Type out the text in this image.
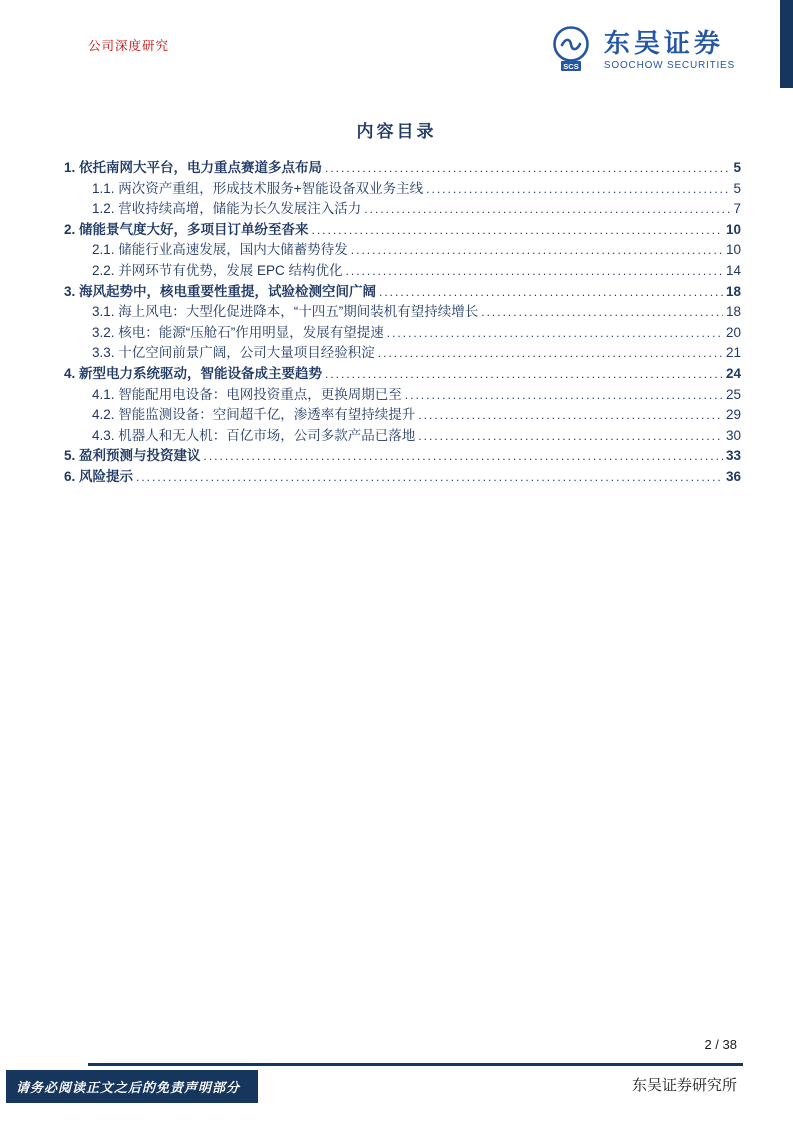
公司深度研究
SCS
东吴证券
SOOCHOW SECURITIES
内容目录
1. 依托南网大平台，电力重点赛道多点布局 .....	5
1.1. 两次资产重组，形成技术服务+智能设备双业务主线 .....	5
1.2. 营收持续高增，储能为长久发展注入活力 .....	7
2. 储能景气度大好，多项目订单纷至沓来 .....	10
2.1. 储能行业高速发展，国内大储蓄势待发 .....	10
2.2. 并网环节有优势，发展 EPC 结构优化 .....	14
3. 海风起势中，核电重要性重提，试验检测空间广阔 .....	18
3.1. 海上风电：大型化促进降本，“十四五”期间装机有望持续增长 .....	18
3.2. 核电：能源“压舱石”作用明显，发展有望提速 .....	20
3.3. 十亿空间前景广阔，公司大量项目经验积淀 .....	21
4. 新型电力系统驱动，智能设备成主要趋势 .....	24
4.1. 智能配用电设备：电网投资重点，更换周期已至 .....	25
4.2. 智能监测设备：空间超千亿，渗透率有望持续提升 .....	29
4.3. 机器人和无人机：百亿市场，公司多款产品已落地 .....	30
5. 盈利预测与投资建议 .....	33
6. 风险提示 .....	36
2 / 38
东吴证券研究所
请务必阅读正文之后的免责声明部分
